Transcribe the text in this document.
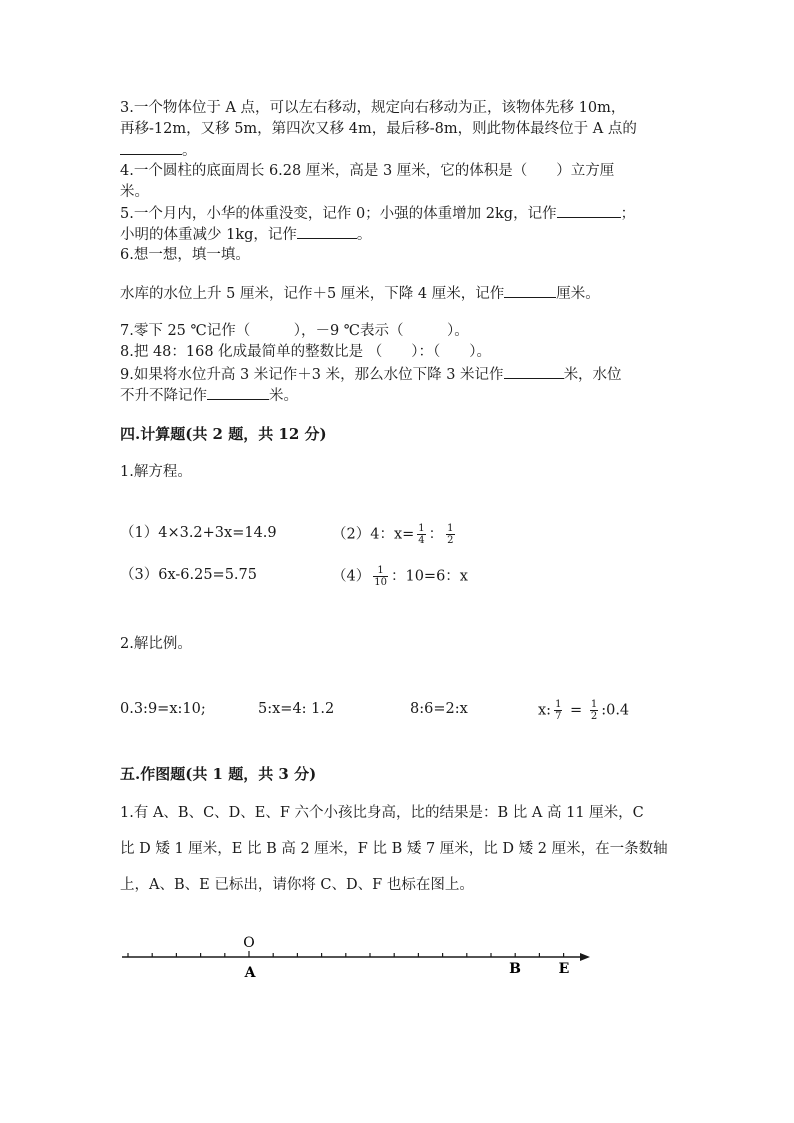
3.一个物体位于 A 点，可以左右移动，规定向右移动为正，该物体先移 10m，
再移-12m，又移 5m，第四次又移 4m，最后移-8m，则此物体最终位于 A 点的
。
4.一个圆柱的底面周长 6.28 厘米，高是 3 厘米，它的体积是（　　）立方厘
米。
5.一个月内，小华的体重没变，记作 0；小强的体重增加 2kg，记作	；
小明的体重减少 1kg，记作	。
6.想一想，填一填。
水库的水位上升 5 厘米，记作＋5 厘米，下降 4 厘米，记作	厘米。
7.零下 25 ℃记作（　　　），－9 ℃表示（　　　）。
8.把 48：168 化成最简单的整数比是 （　　）：（　　）。
9.如果将水位升高 3 米记作＋3 米，那么水位下降 3 米记作	米，水位
不升不降记作	米。
四.计算题(共 2 题，共 12 分)
1.解方程。
（1）4×3.2+3x=14.9	（2）4：$x= \frac{1}{4}$ ： $\frac{1}{2}$
（3）6x-6.25=5.75	$(4) \frac{1}{10}$ ：10=6：x
2.解比例。
0.3:9=x:10;	5:x=4: 1.2	8:6=2:x	x: $\frac{1}{7} = \frac{1}{2}$ :0.4
五.作图题(共 1 题，共 3 分)
1.有 A、B、C、D、E、F 六个小孩比身高，比的结果是：B 比 A 高 11 厘米，C
比 D 矮 1 厘米，E 比 B 高 2 厘米，F 比 B 矮 7 厘米，比 D 矮 2 厘米，在一条数轴
上，A、B、E 已标出，请你将 C、D、F 也标在图上。
O
A	B	E
